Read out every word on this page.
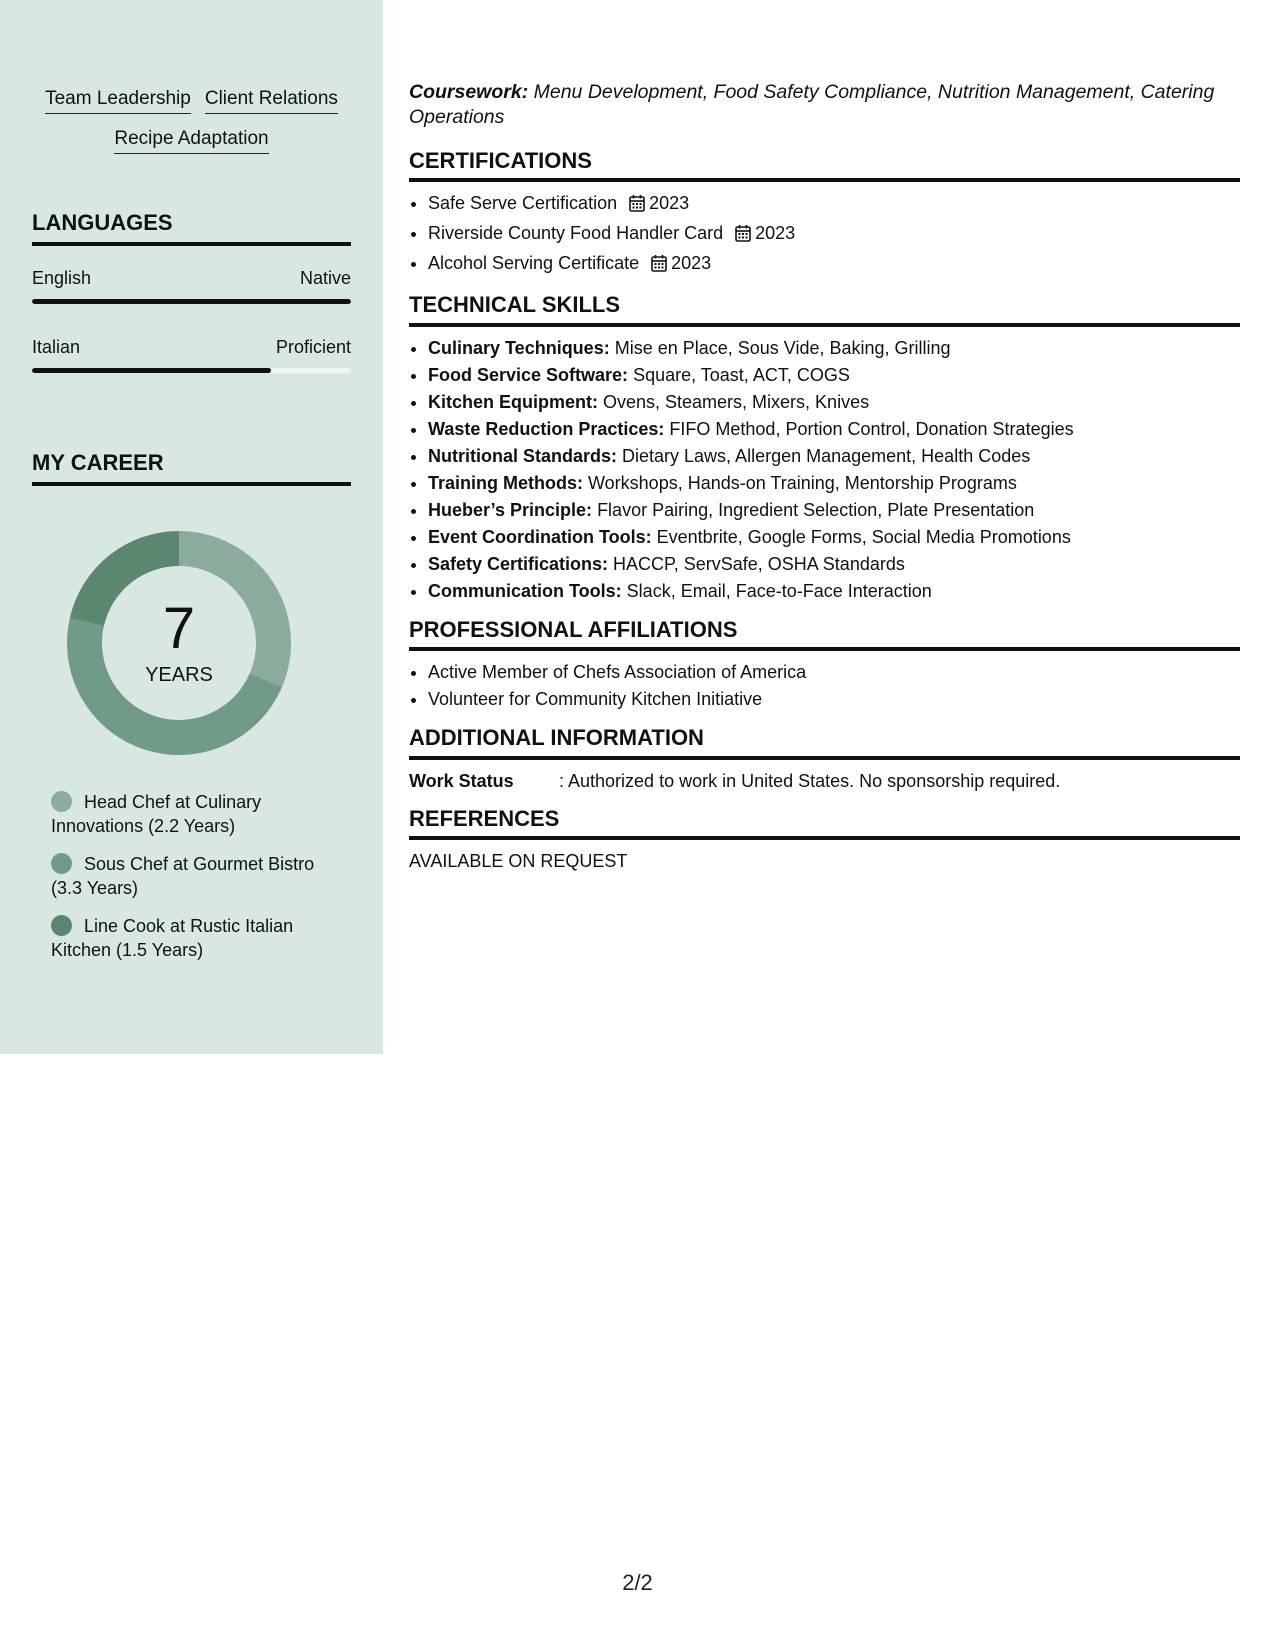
Team Leadership Client Relations
Recipe Adaptation
LANGUAGES
English	Native
Italian	Proficient
MY CAREER
7
YEARS
Head Chef at Culinary Innovations (2.2 Years)
Sous Chef at Gourmet Bistro (3.3 Years)
Line Cook at Rustic Italian Kitchen (1.5 Years)

Coursework: Menu Development, Food Safety Compliance, Nutrition Management, Catering Operations

CERTIFICATIONS
• Safe Serve Certification 2023
• Riverside County Food Handler Card 2023
• Alcohol Serving Certificate 2023
TECHNICAL SKILLS
• Culinary Techniques: Mise en Place, Sous Vide, Baking, Grilling
• Food Service Software: Square, Toast, ACT, COGS
• Kitchen Equipment: Ovens, Steamers, Mixers, Knives
• Waste Reduction Practices: FIFO Method, Portion Control, Donation Strategies
• Nutritional Standards: Dietary Laws, Allergen Management, Health Codes
• Training Methods: Workshops, Hands-on Training, Mentorship Programs
• Hueber’s Principle: Flavor Pairing, Ingredient Selection, Plate Presentation
• Event Coordination Tools: Eventbrite, Google Forms, Social Media Promotions
• Safety Certifications: HACCP, ServSafe, OSHA Standards
• Communication Tools: Slack, Email, Face-to-Face Interaction
PROFESSIONAL AFFILIATIONS
• Active Member of Chefs Association of America
• Volunteer for Community Kitchen Initiative
ADDITIONAL INFORMATION
Work Status	: Authorized to work in United States. No sponsorship required.
REFERENCES
AVAILABLE ON REQUEST
2/2
